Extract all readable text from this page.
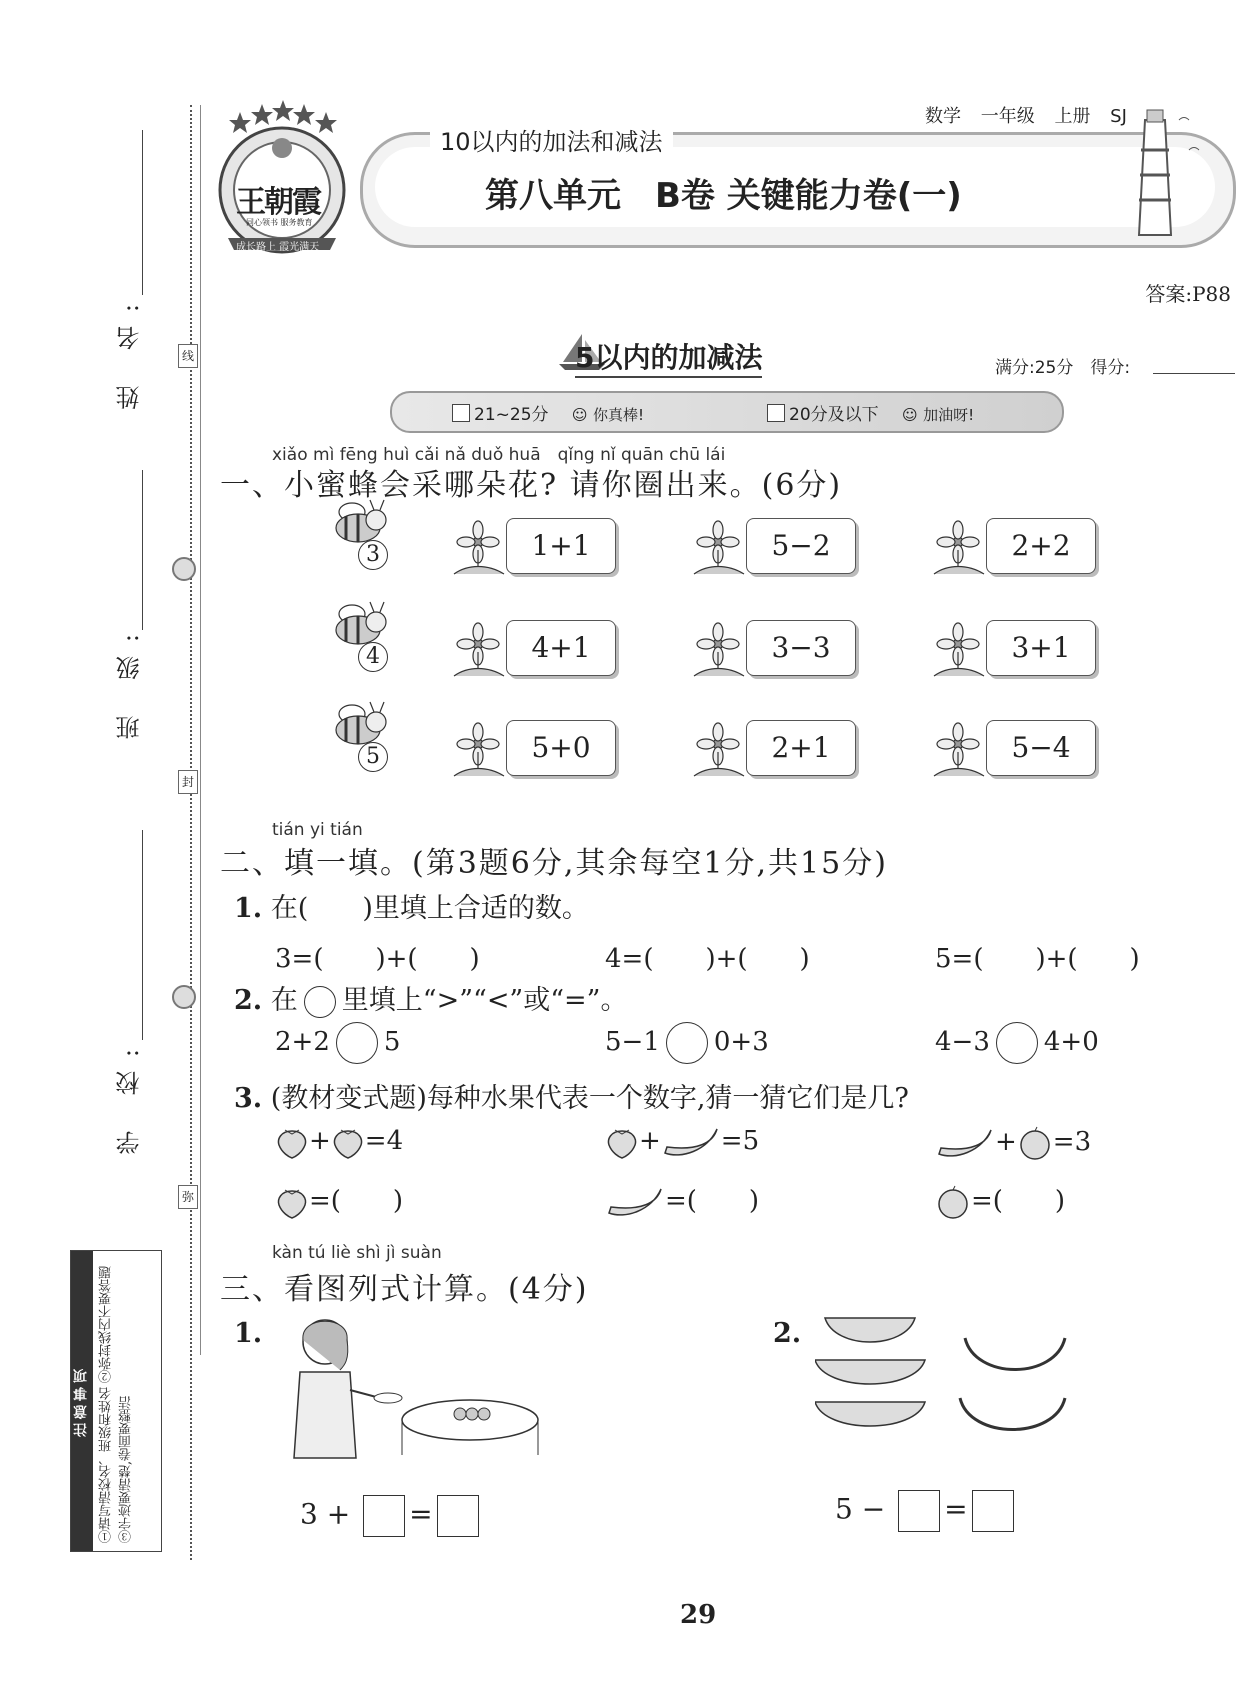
姓 名:
班 级:
学 校:
线
封
弥
注意事项 ①请写清校名、班级和姓名 ②弥封线内不要答题 ③字迹要清楚,卷面要整洁
王朝霞
同心领书 服务教育
成长路上 霞光满天
10以内的加法和减法
第八单元　B卷 关键能力卷(一)
数学 一年级 上册 SJ
答案:P88
5以内的加减法	满分:25分　得分:
21~25分 ☺ 你真棒!	20分及以下 ☺ 加油呀!
xiǎo mì fēng huì cǎi nǎ duǒ huā　qǐng nǐ quān chū lái
一、小蜜蜂会采哪朵花? 请你圈出来。(6分)
3	1+1	5−2	2+2
4	4+1	3−3	3+1
5	5+0	2+1	5−4
tián yi tián
二、填一填。(第3题6分,其余每空1分,共15分)
1. 在(　　)里填上合适的数。
3=(　　)+(　　)	4=(　　)+(　　)	5=(　　)+(　　)
2. 在 里填上“>”“<”或“=”。
2+2 5	5−1 0+3	4−3 4+0
3. (教材变式题)每种水果代表一个数字,猜一猜它们是几?
+ =4	+ =5	+ =3
=(　　)	=(　　)	=(　　)
kàn tú liè shì jì suàn
三、看图列式计算。(4分)
1.
3 + =
2.
5 − =
29
